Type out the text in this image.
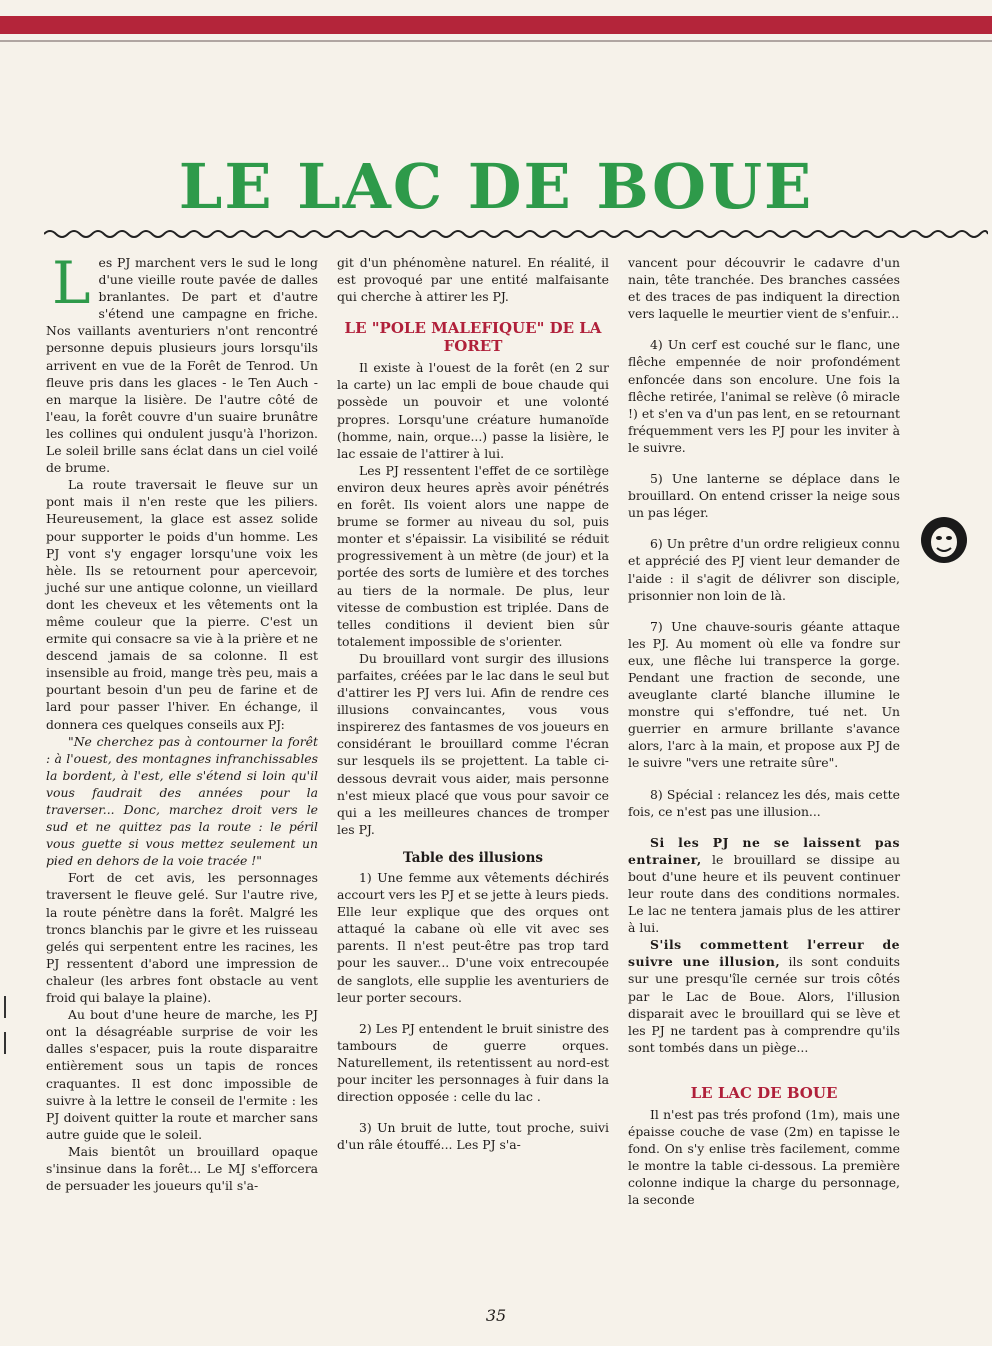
LE LAC DE BOUE

Les PJ marchent vers le sud le long d'une vieille route pavée de dalles branlantes. De part et d'autre s'étend une campagne en friche. Nos vaillants aventuriers n'ont rencontré personne depuis plusieurs jours lorsqu'ils arrivent en vue de la Forêt de Tenrod. Un fleuve pris dans les glaces - le Ten Auch - en marque la lisière. De l'autre côté de l'eau, la forêt couvre d'un suaire brunâtre les collines qui ondulent jusqu'à l'horizon. Le soleil brille sans éclat dans un ciel voilé de brume.

La route traversait le fleuve sur un pont mais il n'en reste que les piliers. Heureusement, la glace est assez solide pour supporter le poids d'un homme. Les PJ vont s'y engager lorsqu'une voix les hèle. Ils se retournent pour apercevoir, juché sur une antique colonne, un vieillard dont les cheveux et les vêtements ont la même couleur que la pierre. C'est un ermite qui consacre sa vie à la prière et ne descend jamais de sa colonne. Il est insensible au froid, mange très peu, mais a pourtant besoin d'un peu de farine et de lard pour passer l'hiver. En échange, il donnera ces quelques conseils aux PJ:

"Ne cherchez pas à contourner la forêt : à l'ouest, des montagnes infranchissables la bordent, à l'est, elle s'étend si loin qu'il vous faudrait des années pour la traverser... Donc, marchez droit vers le sud et ne quittez pas la route : le péril vous guette si vous mettez seulement un pied en dehors de la voie tracée !"

Fort de cet avis, les personnages traversent le fleuve gelé. Sur l'autre rive, la route pénètre dans la forêt. Malgré les troncs blanchis par le givre et les ruisseau gelés qui serpentent entre les racines, les PJ ressentent d'abord une impression de chaleur (les arbres font obstacle au vent froid qui balaye la plaine).

Au bout d'une heure de marche, les PJ ont la désagréable surprise de voir les dalles s'espacer, puis la route disparaitre entièrement sous un tapis de ronces craquantes. Il est donc impossible de suivre à la lettre le conseil de l'ermite : les PJ doivent quitter la route et marcher sans autre guide que le soleil.

Mais bientôt un brouillard opaque s'insinue dans la forêt... Le MJ s'efforcera de persuader les joueurs qu'il s'a-

git d'un phénomène naturel. En réalité, il est provoqué par une entité malfaisante qui cherche à attirer les PJ.

LE "POLE MALEFIQUE" DE LA FORET

Il existe à l'ouest de la forêt (en 2 sur la carte) un lac empli de boue chaude qui possède un pouvoir et une volonté propres. Lorsqu'une créature humanoïde (homme, nain, orque...) passe la lisière, le lac essaie de l'attirer à lui.

Les PJ ressentent l'effet de ce sortilège environ deux heures après avoir pénétrés en forêt. Ils voient alors une nappe de brume se former au niveau du sol, puis monter et s'épaissir. La visibilité se réduit progressivement à un mètre (de jour) et la portée des sorts de lumière et des torches au tiers de la normale. De plus, leur vitesse de combustion est triplée. Dans de telles conditions il devient bien sûr totalement impossible de s'orienter.

Du brouillard vont surgir des illusions parfaites, créées par le lac dans le seul but d'attirer les PJ vers lui. Afin de rendre ces illusions convaincantes, vous vous inspirerez des fantasmes de vos joueurs en considérant le brouillard comme l'écran sur lesquels ils se projettent. La table ci-dessous devrait vous aider, mais personne n'est mieux placé que vous pour savoir ce qui a les meilleures chances de tromper les PJ.

Table des illusions

1) Une femme aux vêtements déchirés accourt vers les PJ et se jette à leurs pieds. Elle leur explique que des orques ont attaqué la cabane où elle vit avec ses parents. Il n'est peut-être pas trop tard pour les sauver... D'une voix entrecoupée de sanglots, elle supplie les aventuriers de leur porter secours.

2) Les PJ entendent le bruit sinistre des tambours de guerre orques. Naturellement, ils retentissent au nord-est pour inciter les personnages à fuir dans la direction opposée : celle du lac .

3) Un bruit de lutte, tout proche, suivi d'un râle étouffé... Les PJ s'a-

vancent pour découvrir le cadavre d'un nain, tête tranchée. Des branches cassées et des traces de pas indiquent la direction vers laquelle le meurtier vient de s'enfuir...

4) Un cerf est couché sur le flanc, une flêche empennée de noir profondément enfoncée dans son encolure. Une fois la flêche retirée, l'animal se relève (ô miracle !) et s'en va d'un pas lent, en se retournant fréquemment vers les PJ pour les inviter à le suivre.

5) Une lanterne se déplace dans le brouillard. On entend crisser la neige sous un pas léger.

6) Un prêtre d'un ordre religieux connu et apprécié des PJ vient leur demander de l'aide : il s'agit de délivrer son disciple, prisonnier non loin de là.

7) Une chauve-souris géante attaque les PJ. Au moment où elle va fondre sur eux, une flêche lui transperce la gorge. Pendant une fraction de seconde, une aveuglante clarté blanche illumine le monstre qui s'effondre, tué net. Un guerrier en armure brillante s'avance alors, l'arc à la main, et propose aux PJ de le suivre "vers une retraite sûre".

8) Spécial : relancez les dés, mais cette fois, ce n'est pas une illusion...

Si les PJ ne se laissent pas entrainer, le brouillard se dissipe au bout d'une heure et ils peuvent continuer leur route dans des conditions normales. Le lac ne tentera jamais plus de les attirer à lui.

S'ils commettent l'erreur de suivre une illusion, ils sont conduits sur une presqu'île cernée sur trois côtés par le Lac de Boue. Alors, l'illusion disparait avec le brouillard qui se lève et les PJ ne tardent pas à comprendre qu'ils sont tombés dans un piège...

LE LAC DE BOUE

Il n'est pas trés profond (1m), mais une épaisse couche de vase (2m) en tapisse le fond. On s'y enlise très facilement, comme le montre la table ci-dessous. La première colonne indique la charge du personnage, la seconde

35
